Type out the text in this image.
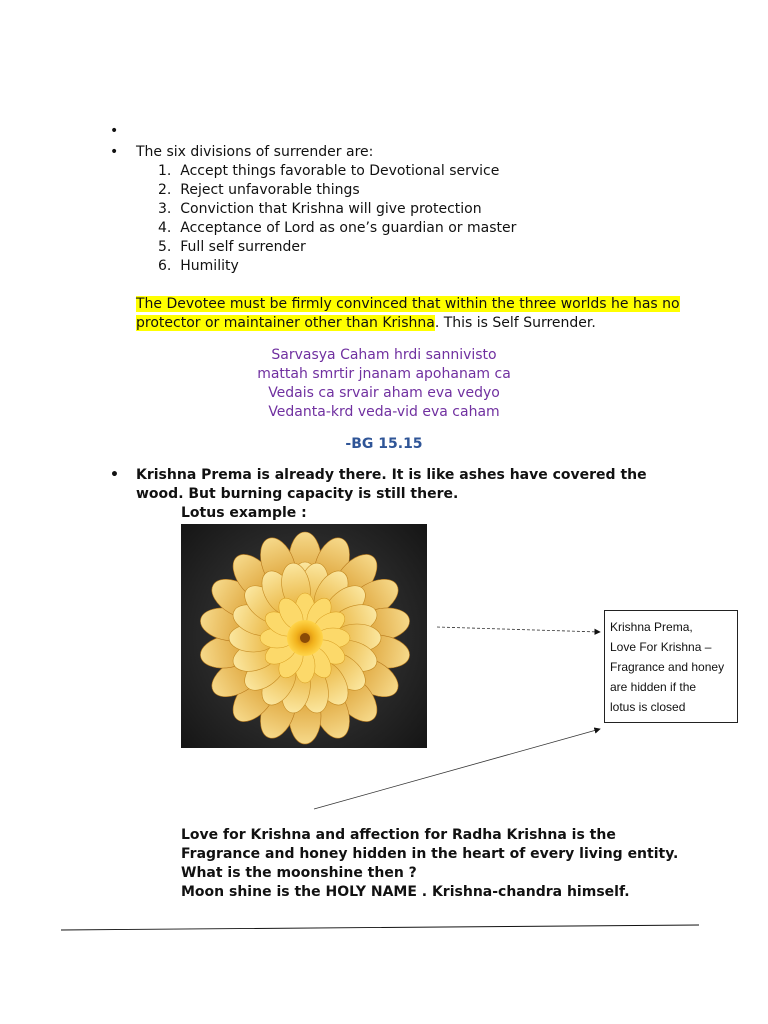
•
• The six divisions of surrender are:
1.  Accept things favorable to Devotional service
2.  Reject unfavorable things
3.  Conviction that Krishna will give protection
4.  Acceptance of Lord as one’s guardian or master
5.  Full self surrender
6.  Humility
The Devotee must be firmly convinced that within the three worlds he has no
protector or maintainer other than Krishna. This is Self Surrender.
Sarvasya Caham hrdi sannivisto
mattah smrtir jnanam apohanam ca
Vedais ca srvair aham eva vedyo
Vedanta-krd veda-vid eva caham
-BG 15.15
• Krishna Prema is already there. It is like ashes have covered the
wood. But burning capacity is still there.
Lotus example :
Krishna Prema,
Love For Krishna –
Fragrance and honey
are hidden if the
lotus is closed
Love for Krishna and affection for Radha Krishna is the
Fragrance and honey hidden in the heart of every living entity.
What is the moonshine then ?
Moon shine is the HOLY NAME . Krishna-chandra himself.
